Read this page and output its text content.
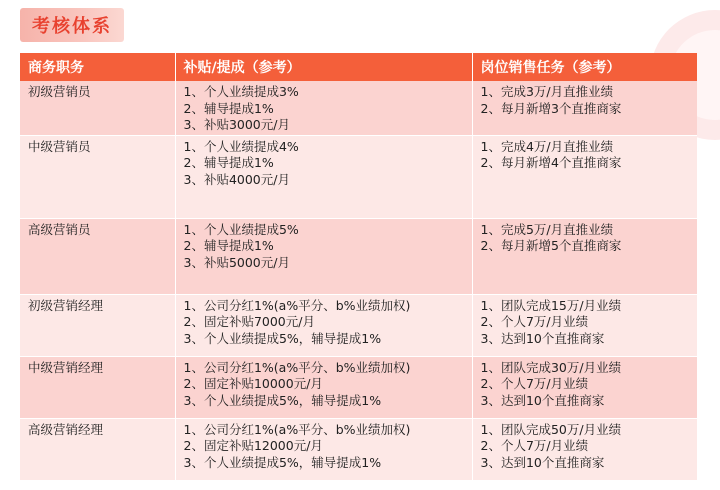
考核体系
商务职务	补贴/提成（参考）	岗位销售任务（参考）
初级营销员	1、个人业绩提成3%
2、辅导提成1%
3、补贴3000元/月	1、完成3万/月直推业绩
2、每月新增3个直推商家

中级营销员	1、个人业绩提成4%
2、辅导提成1%
3、补贴4000元/月	1、完成4万/月直推业绩
2、每月新增4个直推商家

高级营销员	1、个人业绩提成5%
2、辅导提成1%
3、补贴5000元/月	1、完成5万/月直推业绩
2、每月新增5个直推商家

初级营销经理	1、公司分红1%(a%平分、b%业绩加权)
2、固定补贴7000元/月
3、个人业绩提成5%，辅导提成1%	1、团队完成15万/月业绩
2、个人7万/月业绩
3、达到10个直推商家

中级营销经理	1、公司分红1%(a%平分、b%业绩加权)
2、固定补贴10000元/月
3、个人业绩提成5%，辅导提成1%	1、团队完成30万/月业绩
2、个人7万/月业绩
3、达到10个直推商家

高级营销经理	1、公司分红1%(a%平分、b%业绩加权)
2、固定补贴12000元/月
3、个人业绩提成5%，辅导提成1%	1、团队完成50万/月业绩
2、个人7万/月业绩
3、达到10个直推商家
